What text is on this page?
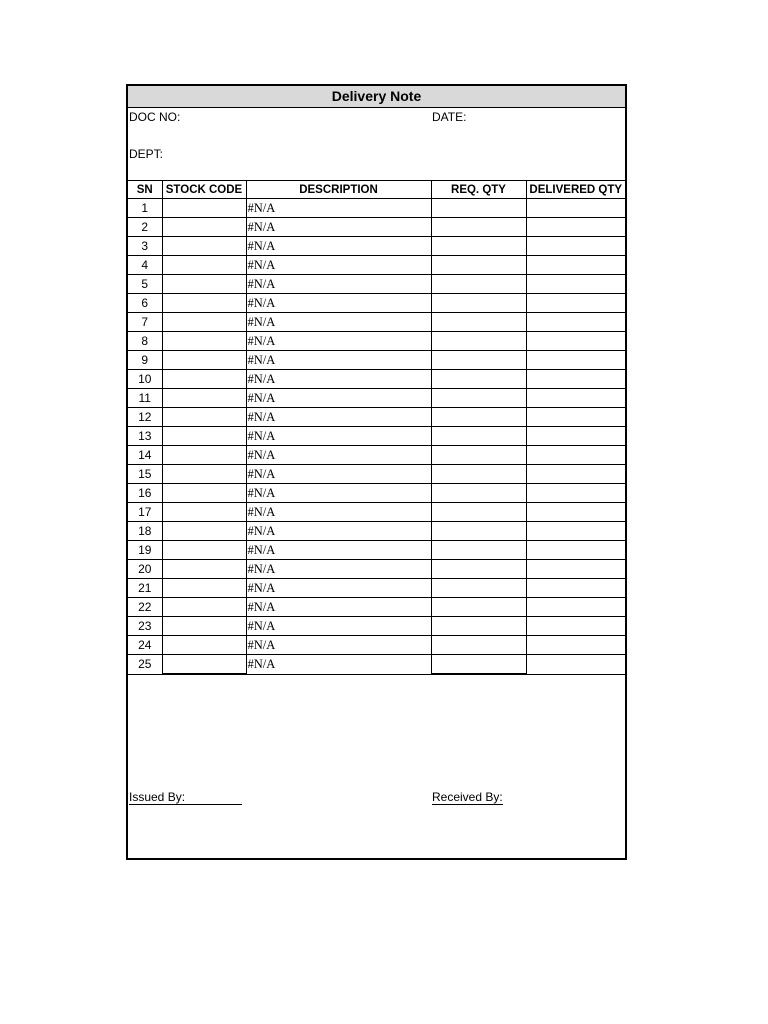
Delivery Note
DOC NO:	DATE:
DEPT:
SN	STOCK CODE	DESCRIPTION	REQ. QTY	DELIVERED QTY
1		#N/A		
2		#N/A		
3		#N/A		
4		#N/A		
5		#N/A		
6		#N/A		
7		#N/A		
8		#N/A		
9		#N/A		
10		#N/A		
11		#N/A		
12		#N/A		
13		#N/A		
14		#N/A		
15		#N/A		
16		#N/A		
17		#N/A		
18		#N/A		
19		#N/A		
20		#N/A		
21		#N/A		
22		#N/A		
23		#N/A		
24		#N/A		
25		#N/A		
Issued By:	Received By:
